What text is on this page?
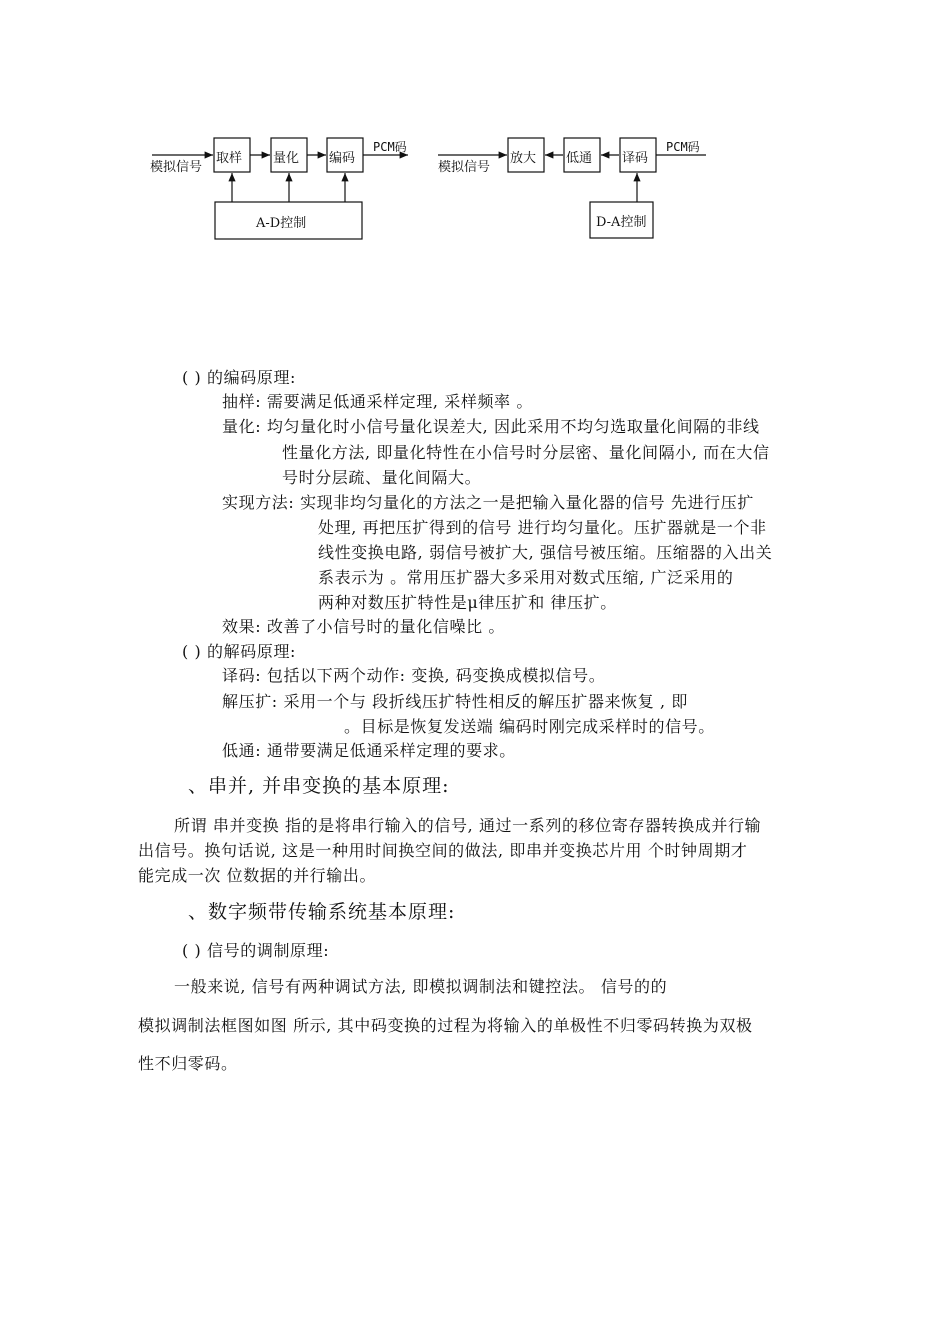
模拟信号
取样 量化 编码
PCM码
A-D控制
模拟信号
放大 低通 译码
PCM码
D-A控制
( ) 的编码原理:
抽样: 需要满足低通采样定理, 采样频率 。
量化: 均匀量化时小信号量化误差大, 因此采用不均匀选取量化间隔的非线
性量化方法, 即量化特性在小信号时分层密、量化间隔小, 而在大信
号时分层疏、量化间隔大。
实现方法: 实现非均匀量化的方法之一是把输入量化器的信号 先进行压扩
处理, 再把压扩得到的信号 进行均匀量化。压扩器就是一个非
线性变换电路, 弱信号被扩大, 强信号被压缩。压缩器的入出关
系表示为 。常用压扩器大多采用对数式压缩, 广泛采用的
两种对数压扩特性是μ律压扩和 律压扩。
效果: 改善了小信号时的量化信噪比 。
( ) 的解码原理:
译码: 包括以下两个动作: 变换, 码变换成模拟信号。
解压扩: 采用一个与 段折线压扩特性相反的解压扩器来恢复 , 即
。目标是恢复发送端 编码时刚完成采样时的信号。
低通: 通带要满足低通采样定理的要求。
、串并, 并串变换的基本原理:
所谓 串并变换 指的是将串行输入的信号, 通过一系列的移位寄存器转换成并行输
出信号。换句话说, 这是一种用时间换空间的做法, 即串并变换芯片用 个时钟周期才
能完成一次 位数据的并行输出。
、数字频带传输系统基本原理:
( ) 信号的调制原理:
一般来说, 信号有两种调试方法, 即模拟调制法和键控法。 信号的的
模拟调制法框图如图 所示, 其中码变换的过程为将输入的单极性不归零码转换为双极
性不归零码。
